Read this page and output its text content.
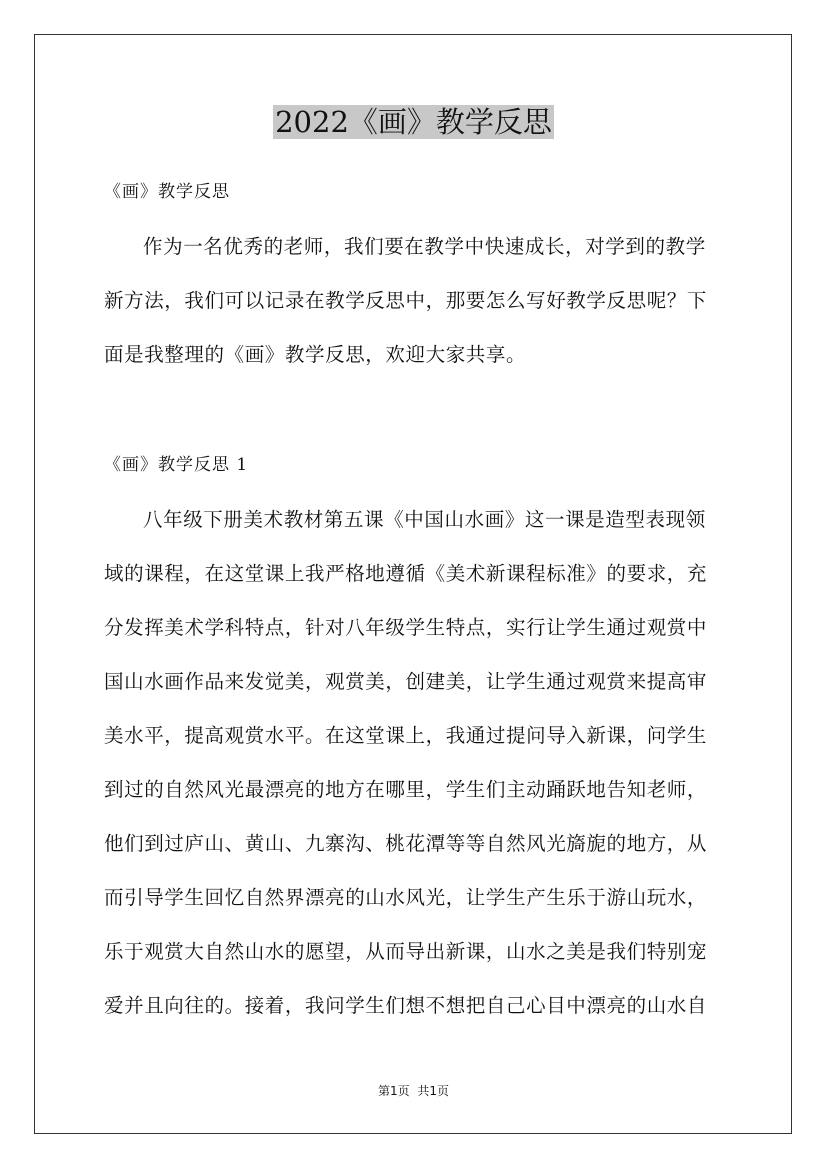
2022《画》教学反思
《画》教学反思

作为一名优秀的老师，我们要在教学中快速成长，对学到的教学
新方法，我们可以记录在教学反思中，那要怎么写好教学反思呢？下
面是我整理的《画》教学反思，欢迎大家共享。

《画》教学反思 1

八年级下册美术教材第五课《中国山水画》这一课是造型表现领
域的课程，在这堂课上我严格地遵循《美术新课程标准》的要求，充
分发挥美术学科特点，针对八年级学生特点，实行让学生通过观赏中
国山水画作品来发觉美，观赏美，创建美，让学生通过观赏来提高审
美水平，提高观赏水平。在这堂课上，我通过提问导入新课，问学生
到过的自然风光最漂亮的地方在哪里，学生们主动踊跃地告知老师，
他们到过庐山、黄山、九寨沟、桃花潭等等自然风光旖旎的地方，从
而引导学生回忆自然界漂亮的山水风光，让学生产生乐于游山玩水，
乐于观赏大自然山水的愿望，从而导出新课，山水之美是我们特别宠
爱并且向往的。接着，我问学生们想不想把自己心目中漂亮的山水自

第1页 共1页
